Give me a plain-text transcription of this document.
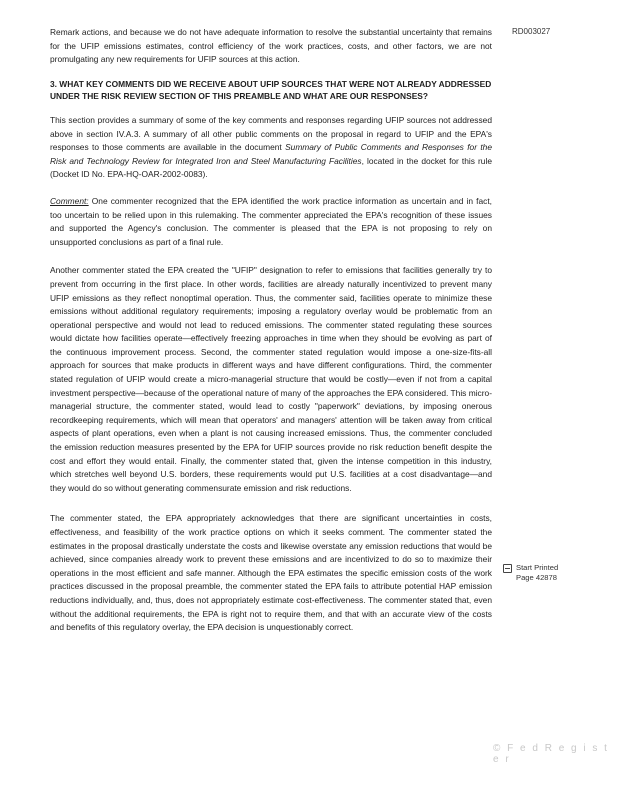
RD003027

Remark actions, and because we do not have adequate information to resolve the substantial uncertainty that remains for the UFIP emissions estimates, control efficiency of the work practices, costs, and other factors, we are not promulgating any new requirements for UFIP sources at this action.

3. WHAT KEY COMMENTS DID WE RECEIVE ABOUT UFIP SOURCES THAT WERE NOT ALREADY ADDRESSED UNDER THE RISK REVIEW SECTION OF THIS PREAMBLE AND WHAT ARE OUR RESPONSES?

This section provides a summary of some of the key comments and responses regarding UFIP sources not addressed above in section IV.A.3. A summary of all other public comments on the proposal in regard to UFIP and the EPA's responses to those comments are available in the document Summary of Public Comments and Responses for the Risk and Technology Review for Integrated Iron and Steel Manufacturing Facilities, located in the docket for this rule (Docket ID No. EPA-HQ-OAR-2002-0083).

Comment: One commenter recognized that the EPA identified the work practice information as uncertain and in fact, too uncertain to be relied upon in this rulemaking. The commenter appreciated the EPA's recognition of these issues and supported the Agency's conclusion. The commenter is pleased that the EPA is not proposing to rely on unsupported conclusions as part of a final rule.

Another commenter stated the EPA created the "UFIP" designation to refer to emissions that facilities generally try to prevent from occurring in the first place. In other words, facilities are already naturally incentivized to prevent many UFIP emissions as they reflect nonoptimal operation. Thus, the commenter said, facilities operate to minimize these emissions without additional regulatory requirements; imposing a regulatory overlay would be problematic from an operational perspective and would not lead to reduced emissions. The commenter stated regulating these sources would dictate how facilities operate—effectively freezing approaches in time when they should be evolving as part of the continuous improvement process. Second, the commenter stated regulation would impose a one-size-fits-all approach for sources that make products in different ways and have different configurations. Third, the commenter stated regulation of UFIP would create a micro-managerial structure that would be costly—even if not from a capital investment perspective—because of the operational nature of many of the approaches the EPA considered. This micro-managerial structure, the commenter stated, would lead to costly "paperwork" deviations, by imposing onerous recordkeeping requirements, which will mean that operators' and managers' attention will be taken away from critical aspects of plant operations, even when a plant is not causing increased emissions. Thus, the commenter concluded the emission reduction measures presented by the EPA for UFIP sources provide no risk reduction benefit despite the cost and effort they would entail. Finally, the commenter stated that, given the intense competition in this industry, which stretches well beyond U.S. borders, these requirements would put U.S. facilities at a cost disadvantage—and they would do so without generating commensurate emission and risk reductions.

The commenter stated, the EPA appropriately acknowledges that there are significant uncertainties in costs, effectiveness, and feasibility of the work practice options on which it seeks comment. The commenter stated the estimates in the proposal drastically understate the costs and likewise overstate any emission reductions that would be achieved, since companies already work to prevent these emissions and are incentivized to do so to maximize their operations in the most efficient and safe manner. Although the EPA estimates the specific emission costs of the work practices discussed in the proposal preamble, the commenter stated the EPA fails to attribute potential HAP emission reductions individually, and, thus, does not appropriately estimate cost-effectiveness. The commenter stated that, even without the additional requirements, the EPA is right not to require them, and that with an accurate view of the costs and benefits of this regulatory overlay, the EPA decision is unquestionably correct.

Start Printed
Page 42878
© F e d R e g i s t e r
